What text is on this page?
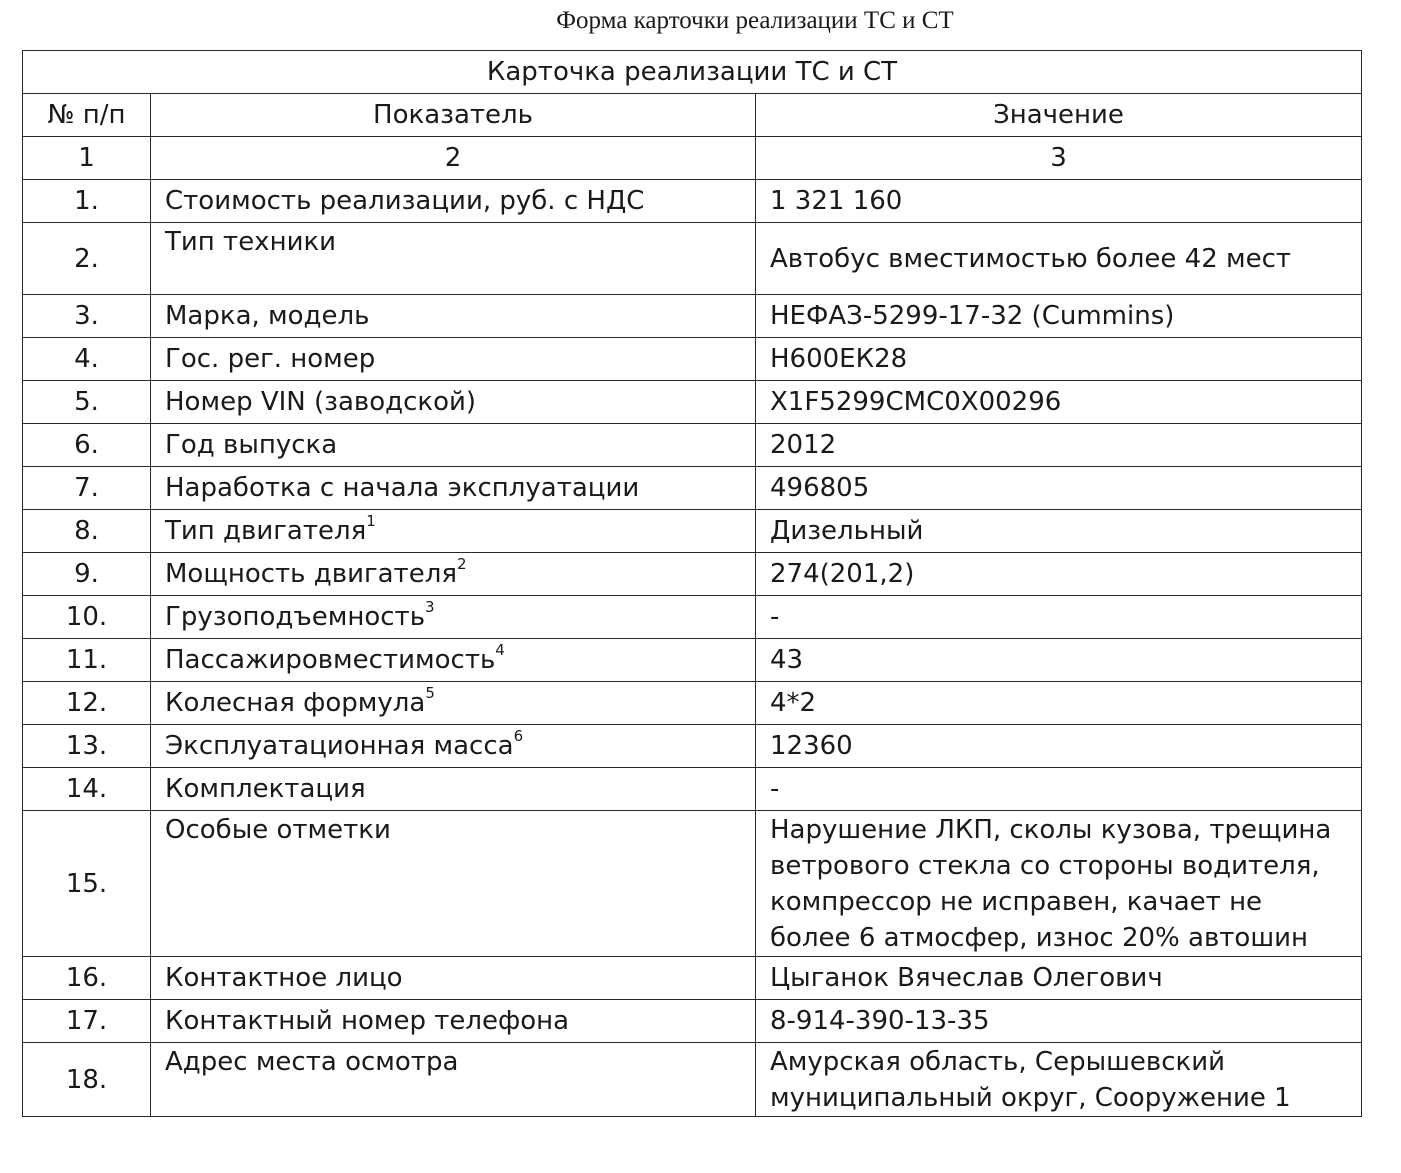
Форма карточки реализации ТС и СТ
Карточка реализации ТС и СТ		
№ п/п	Показатель	Значение
1	2	3
1.	Стоимость реализации, руб. с НДС	1 321 160
2.	Тип техники	Автобус вместимостью более 42 мест
3.	Марка, модель	НЕФАЗ-5299-17-32 (Cummins)
4.	Гос. рег. номер	Н600ЕК28
5.	Номер VIN (заводской)	X1F5299CMC0X00296
6.	Год выпуска	2012
7.	Наработка с начала эксплуатации	496805
8.	Тип двигателя$^1$	Дизельный
9.	Мощность двигателя$^2$	274(201,2)
10.	Грузоподъемность$^3$	-
11.	Пассажировместимость$^4$	43
12.	Колесная формула$^5$	4*2
13.	Эксплуатационная масса$^6$	12360
14.	Комплектация	-
15.	Особые отметки	Нарушение ЛКП, сколы кузова, трещина
ветрового стекла со стороны водителя,
компрессор не исправен, качает не
более 6 атмосфер, износ 20% автошин

16.	Контактное лицо	Цыганок Вячеслав Олегович
17.	Контактный номер телефона	8-914-390-13-35
18.	Адрес места осмотра	Амурская область, Серышевский
муниципальный округ, Сооружение 1
